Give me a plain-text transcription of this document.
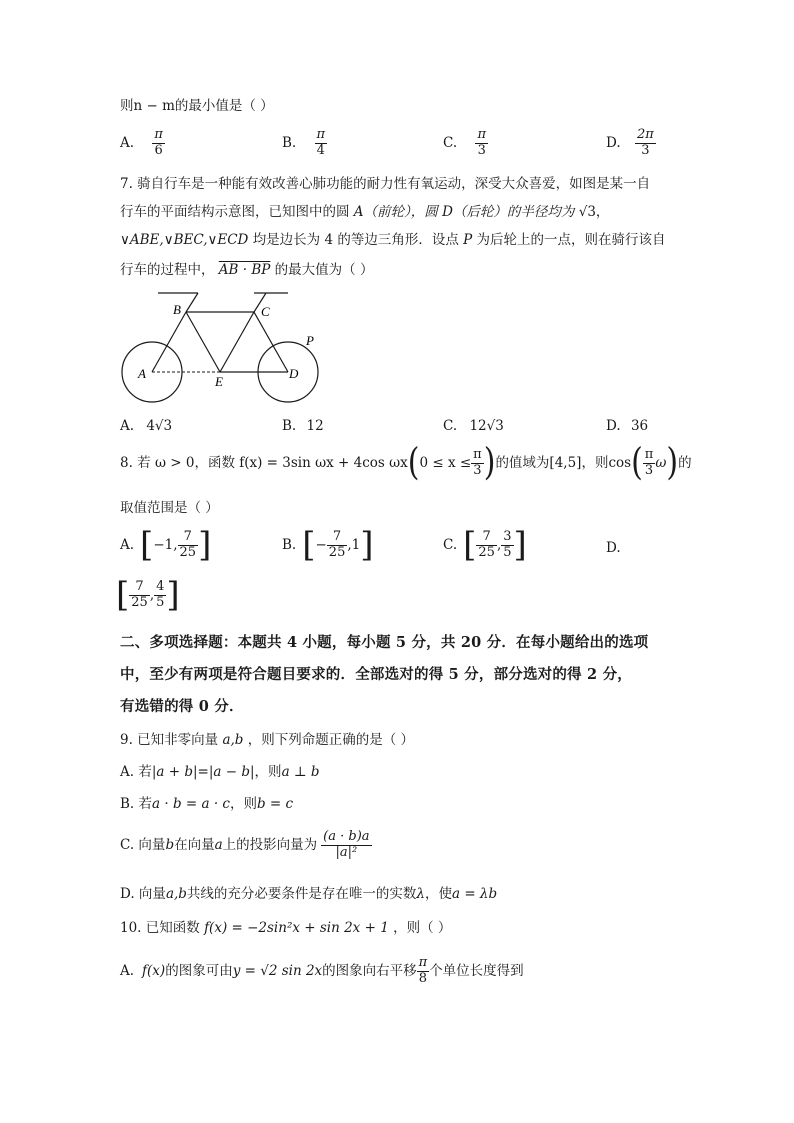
则n − m的最小值是（ ）
A. $\frac{\pi}{6}$	B. $\frac{\pi}{4}$	C. $\frac{\pi}{3}$	D. $\frac{2\pi}{3}$
7. 骑自行车是一种能有效改善心肺功能的耐力性有氧运动，深受大众喜爱，如图是某一自
行车的平面结构示意图，已知图中的圆 A（前轮），圆 D（后轮）的半径均为 √3，
∨ABE,∨BEC,∨ECD 均是边长为 4 的等边三角形．设点 P 为后轮上的一点，则在骑行该自
行车的过程中， AB · BP 的最大值为（ ）
A
B	C
D
E
P
A. 4√3	B. 12	C. 12√3	D. 36
8. 若 ω > 0，函数 f(x) = 3sin ωx + 4cos ωx ( $0 \le x \le \frac{\pi}{3}$ ) 的值域为[4,5]，则cos ( $\frac{\pi}{3}$ ω ) 的
取值范围是（ ）
A. [ −1, $\frac{7}{25}$ ]	B. [ − $\frac{7}{25} ,1$ ]	C. [ $\frac{7}{25}$ , $\frac{3}{5}$ ]	D.
[ $\frac{7}{25}$ , $\frac{4}{5}$ ]
二、多项选择题：本题共 4 小题，每小题 5 分，共 20 分．在每小题给出的选项
中，至少有两项是符合题目要求的．全部选对的得 5 分，部分选对的得 2 分，
有选错的得 0 分．
9. 已知非零向量 a,b ，则下列命题正确的是（ ）
A. 若|a + b|=|a − b|，则a ⊥ b
B. 若a · b = a · c，则b = c
C. 向量 b 在向量 a 上的投影向量为 $\frac{(a \cdot b)a}{\text{|a|²}}$
D. 向量a,b共线的充分必要条件是存在唯一的实数λ，使a = λb
10. 已知函数 f(x) = −2sin²x + sin 2x + 1 ，则（ ）
A. f(x) 的图象可由 y = √2 sin 2x 的图象向右平移 $\frac{\pi}{8}$ 个单位长度得到
